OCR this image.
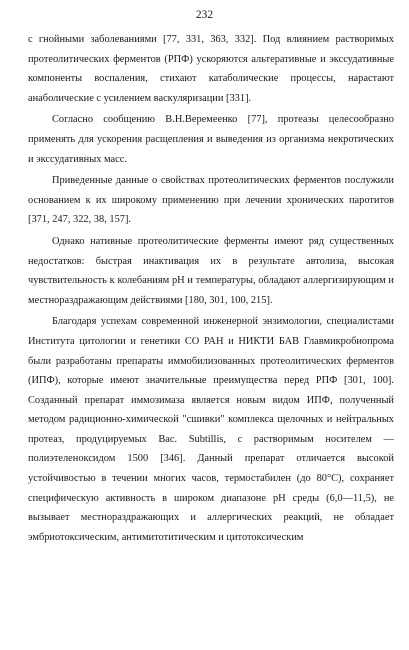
232

с гнойными заболеваниями [77, 331, 363, 332]. Под влиянием растворимых протеолитических ферментов (РПФ) ускоряются альтеративные и экссудативные компоненты воспаления, стихают катаболические процессы, нарастают анаболические с усилением васкуляризации [331].

Согласно сообщению В.Н.Веремеенко [77], протеазы целесообразно применять для ускорения расщепления и выведения из организма некротических и экссудативных масс.

Приведенные данные о свойствах протеолитических ферментов послужили основанием к их широкому применению при лечении хронических паротитов [371, 247, 322, 38, 157].

Однако нативные протеолитические ферменты имеют ряд существенных недостатков: быстрая инактивация их в результате автолиза, высокая чувствительность к колебаниям pH и температуры, обладают аллергизирующим и местнораздражающим действиями [180, 301, 100, 215].

Благодаря успехам современной инженерной энзимологии, специалистами Института цитологии и генетики СО РАН и НИКТИ БАВ Главмикробиопрома были разработаны препараты иммобилизованных протеолитических ферментов (ИПФ), которые имеют значительные преимущества перед РПФ [301, 100]. Созданный препарат иммозимаза является новым видом ИПФ, полученный методом радиционно-химической "сшивки" комплекса щелочных и нейтральных протеаз, продуцируемых Bac. Subtillis, с растворимым носителем — полиэтеленоксидом 1500 [346]. Данный препарат отличается высокой устойчивостью в течении многих часов, термостабилен (до 80°С), сохраняет специфическую активность в широком диапазоне pH среды (6,0—11,5), не вызывает местнораздражающих и аллергических реакций, не обладает эмбриотоксическим, антимитотитическим и цитотоксическим
